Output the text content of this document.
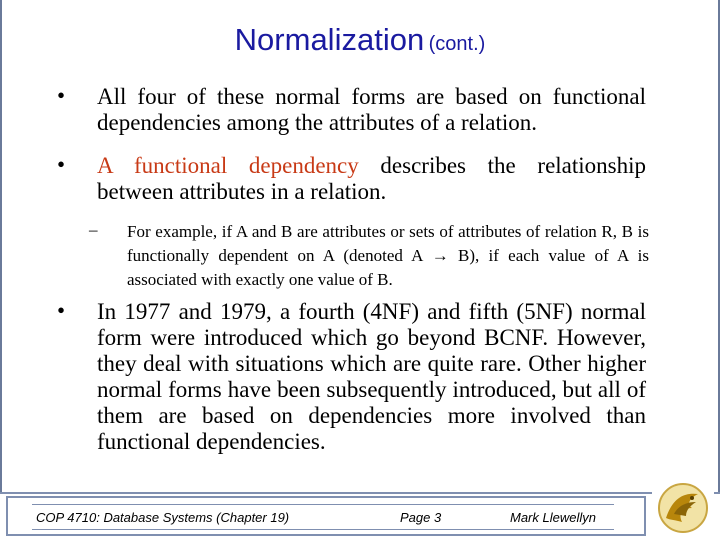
Normalization (cont.)
• All four of these normal forms are based on functional dependencies among the attributes of a relation.
• A functional dependency describes the relationship between attributes in a relation.
– For example, if A and B are attributes or sets of attributes of relation R, B is functionally dependent on A (denoted A → B), if each value of A is associated with exactly one value of B.
• In 1977 and 1979, a fourth (4NF) and fifth (5NF) normal form were introduced which go beyond BCNF. However, they deal with situations which are quite rare. Other higher normal forms have been subsequently introduced, but all of them are based on dependencies more involved than functional dependencies.
COP 4710: Database Systems (Chapter 19)	Page 3	Mark Llewellyn
